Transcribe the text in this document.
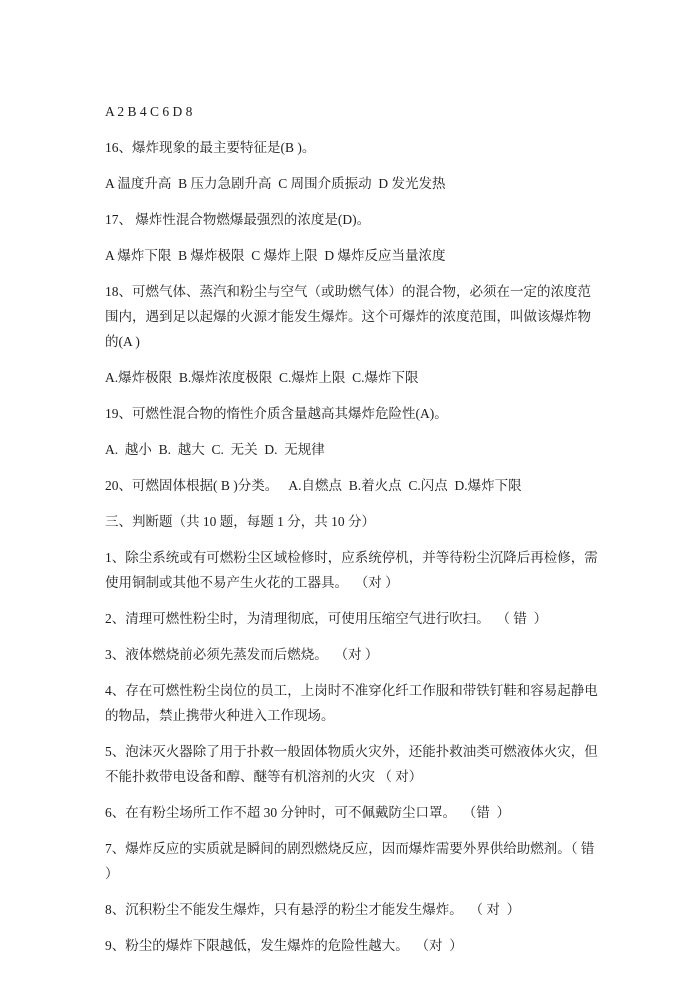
A 2 B 4 C 6 D 8

16、爆炸现象的最主要特征是(B )。

A 温度升高  B 压力急剧升高  C 周围介质振动  D 发光发热

17、 爆炸性混合物燃爆最强烈的浓度是(D)。

A 爆炸下限  B 爆炸极限  C 爆炸上限  D 爆炸反应当量浓度

18、可燃气体、蒸汽和粉尘与空气（或助燃气体）的混合物，必须在一定的浓度范围内，遇到足以起爆的火源才能发生爆炸。这个可爆炸的浓度范围，叫做该爆炸物的(A )

A.爆炸极限  B.爆炸浓度极限  C.爆炸上限  C.爆炸下限

19、可燃性混合物的惰性介质含量越高其爆炸危险性(A)。

A.  越小  B.  越大  C.  无关  D.  无规律

20、可燃固体根据( B )分类。   A.自燃点  B.着火点  C.闪点  D.爆炸下限

三、判断题（共 10 题，每题 1 分，共 10 分）

1、除尘系统或有可燃粉尘区域检修时，应系统停机，并等待粉尘沉降后再检修，需使用铜制或其他不易产生火花的工器具。  （对 ）

2、清理可燃性粉尘时，为清理彻底，可使用压缩空气进行吹扫。  （ 错  ）

3、液体燃烧前必须先蒸发而后燃烧。  （对 ）

4、存在可燃性粉尘岗位的员工，上岗时不准穿化纤工作服和带铁钉鞋和容易起静电的物品，禁止携带火种进入工作现场。

5、泡沫灭火器除了用于扑救一般固体物质火灾外，还能扑救油类可燃液体火灾，但不能扑救带电设备和醇、醚等有机溶剂的火灾 （ 对）

6、在有粉尘场所工作不超 30 分钟时，可不佩戴防尘口罩。  （错  ）

7、爆炸反应的实质就是瞬间的剧烈燃烧反应，因而爆炸需要外界供给助燃剂。（ 错  ）

8、沉积粉尘不能发生爆炸，只有悬浮的粉尘才能发生爆炸。  （ 对  ）

9、粉尘的爆炸下限越低，发生爆炸的危险性越大。  （对  ）
